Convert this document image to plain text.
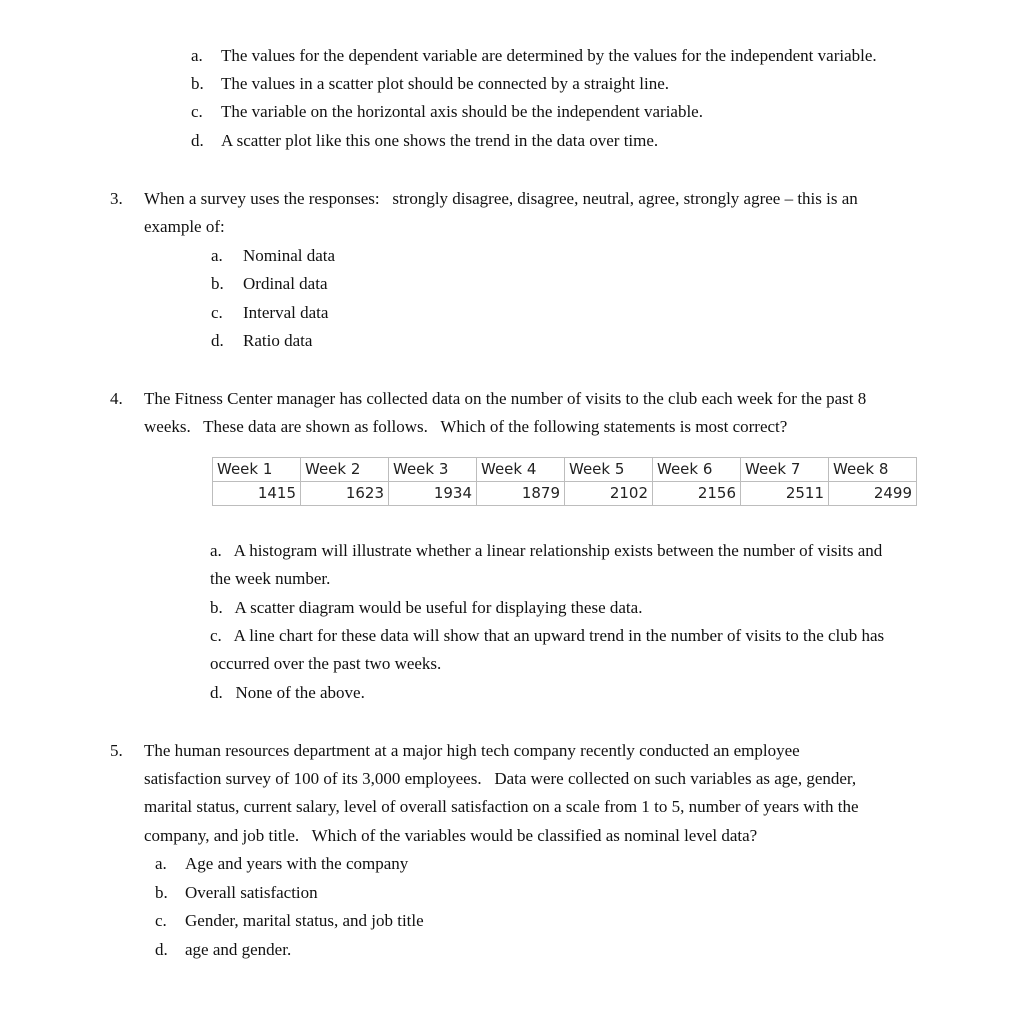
a. The values for the dependent variable are determined by the values for the independent variable.
b. The values in a scatter plot should be connected by a straight line.
c. The variable on the horizontal axis should be the independent variable.
d. A scatter plot like this one shows the trend in the data over time.
3. When a survey uses the responses:   strongly disagree, disagree, neutral, agree, strongly agree – this is an
example of:
a. Nominal data
b. Ordinal data
c. Interval data
d. Ratio data
4. The Fitness Center manager has collected data on the number of visits to the club each week for the past 8
weeks.   These data are shown as follows.   Which of the following statements is most correct?
Week 1	Week 2	Week 3	Week 4	Week 5	Week 6	Week 7	Week 8
1415	1623	1934	1879	2102	2156	2511	2499
a.   A histogram will illustrate whether a linear relationship exists between the number of visits and
the week number.
b.   A scatter diagram would be useful for displaying these data.
c.   A line chart for these data will show that an upward trend in the number of visits to the club has
occurred over the past two weeks.
d.   None of the above.
5. The human resources department at a major high tech company recently conducted an employee
satisfaction survey of 100 of its 3,000 employees.   Data were collected on such variables as age, gender,
marital status, current salary, level of overall satisfaction on a scale from 1 to 5, number of years with the
company, and job title.   Which of the variables would be classified as nominal level data?
a. Age and years with the company
b. Overall satisfaction
c. Gender, marital status, and job title
d. age and gender.
